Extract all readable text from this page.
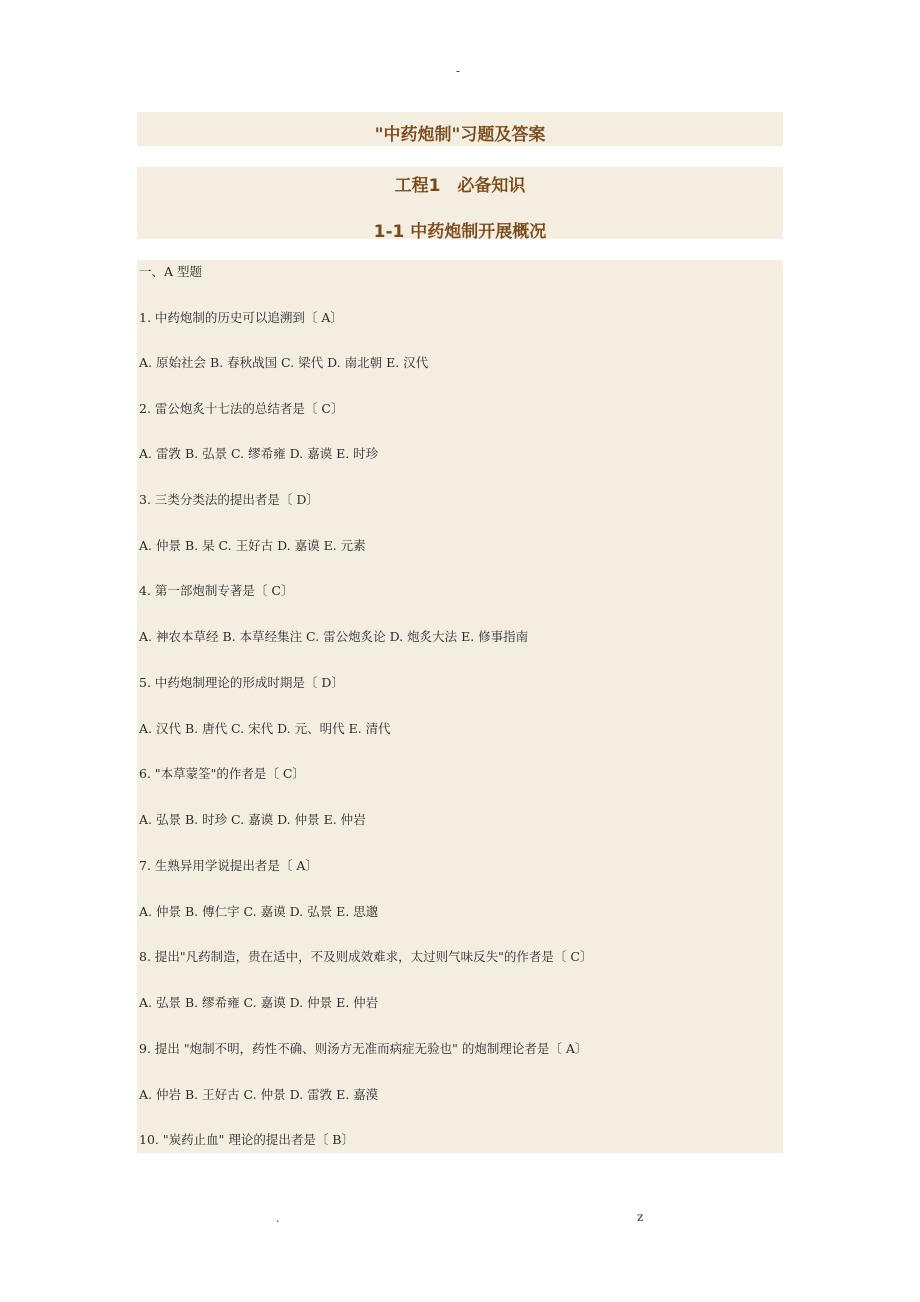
-
"中药炮制"习题及答案
工程1　必备知识
1-1 中药炮制开展概况
一、A 型题
1. 中药炮制的历史可以追溯到〔 A〕
A. 原始社会 B. 春秋战国 C. 梁代 D. 南北朝 E. 汉代
2. 雷公炮炙十七法的总结者是〔 C〕
A. 雷敩 B. 弘景 C. 缪希雍 D. 嘉谟 E. 时珍
3. 三类分类法的提出者是〔 D〕
A. 仲景 B. 杲 C. 王好古 D. 嘉谟 E. 元素
4. 第一部炮制专著是〔 C〕
A. 神农本草经 B. 本草经集注 C. 雷公炮炙论 D. 炮炙大法 E. 修事指南
5. 中药炮制理论的形成时期是〔 D〕
A. 汉代 B. 唐代 C. 宋代 D. 元、明代 E. 清代
6. "本草蒙筌"的作者是〔 C〕
A. 弘景 B. 时珍 C. 嘉谟 D. 仲景 E. 仲岩
7. 生熟异用学说提出者是〔 A〕
A. 仲景 B. 傅仁宇 C. 嘉谟 D. 弘景 E. 思邈
8. 提出"凡药制造，贵在适中，不及则成效难求，太过则气味反失"的作者是〔 C〕
A. 弘景 B. 缪希雍 C. 嘉谟 D. 仲景 E. 仲岩
9. 提出 "炮制不明，药性不确、则汤方无准而病症无验也" 的炮制理论者是〔 A〕
A. 仲岩 B. 王好古 C. 仲景 D. 雷敩 E. 嘉漠
10. "炭药止血" 理论的提出者是〔 B〕
.	z
